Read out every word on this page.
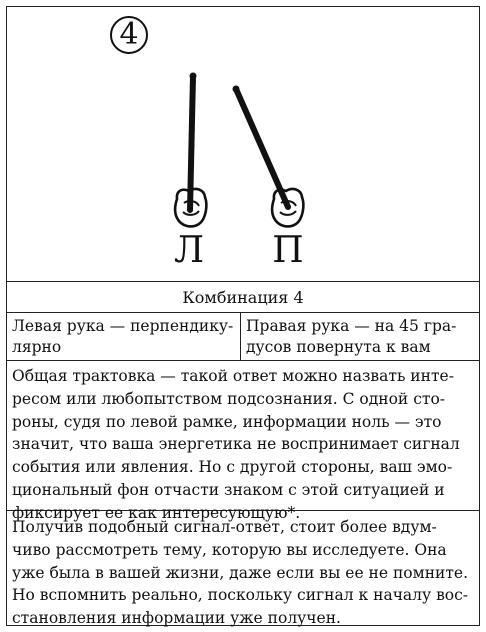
4
Л	П
Комбинация 4
Левая рука — перпендику-
лярно
Правая рука — на 45 гра-
дусов повернута к вам
Общая трактовка — такой ответ можно назвать инте-
ресом или любопытством подсознания. С одной сто-
роны, судя по левой рамке, информации ноль — это
значит, что ваша энергетика не воспринимает сигнал
события или явления. Но с другой стороны, ваш эмо-
циональный фон отчасти знаком с этой ситуацией и
фиксирует ее как интересующую*.
Получив подобный сигнал-ответ, стоит более вдум-
чиво рассмотреть тему, которую вы исследуете. Она
уже была в вашей жизни, даже если вы ее не помните.
Но вспомнить реально, поскольку сигнал к началу вос-
становления информации уже получен.
